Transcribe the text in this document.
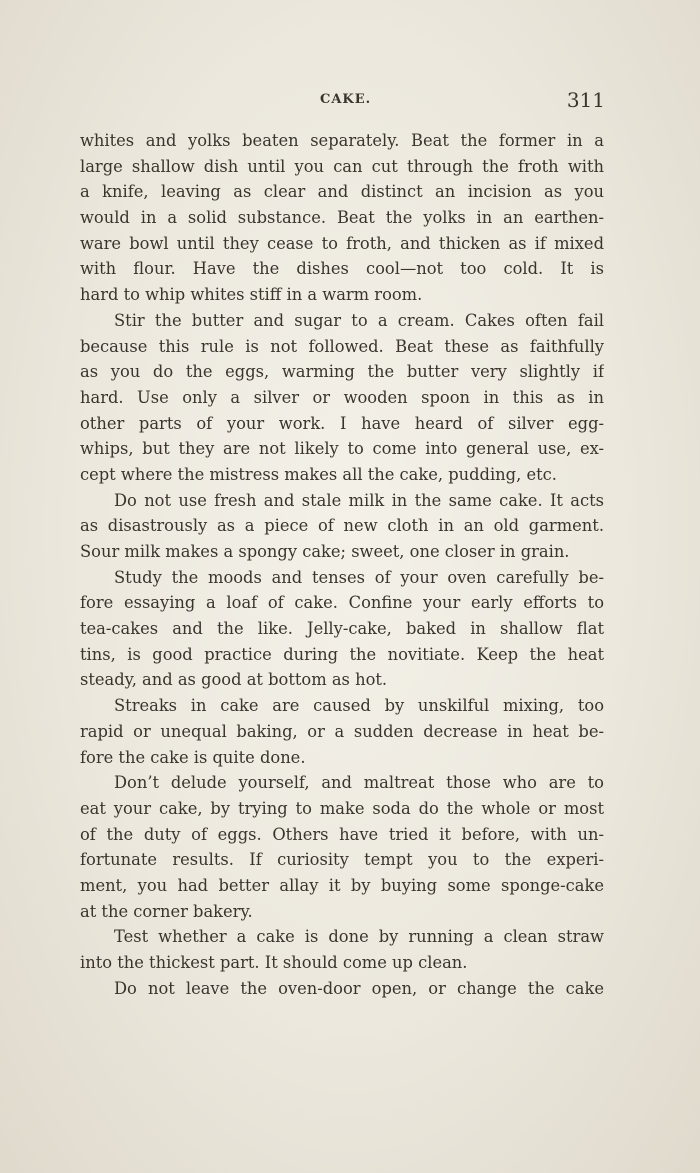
CAKE.	311
whites and yolks beaten separately. Beat the former in a
large shallow dish until you can cut through the froth with
a knife, leaving as clear and distinct an incision as you
would in a solid substance. Beat the yolks in an earthen-
ware bowl until they cease to froth, and thicken as if mixed
with flour. Have the dishes cool—not too cold. It is
hard to whip whites stiff in a warm room.
Stir the butter and sugar to a cream. Cakes often fail
because this rule is not followed. Beat these as faithfully
as you do the eggs, warming the butter very slightly if
hard. Use only a silver or wooden spoon in this as in
other parts of your work. I have heard of silver egg-
whips, but they are not likely to come into general use, ex-
cept where the mistress makes all the cake, pudding, etc.
Do not use fresh and stale milk in the same cake. It acts
as disastrously as a piece of new cloth in an old garment.
Sour milk makes a spongy cake; sweet, one closer in grain.
Study the moods and tenses of your oven carefully be-
fore essaying a loaf of cake. Confine your early efforts to
tea-cakes and the like. Jelly-cake, baked in shallow flat
tins, is good practice during the novitiate. Keep the heat
steady, and as good at bottom as hot.
Streaks in cake are caused by unskilful mixing, too
rapid or unequal baking, or a sudden decrease in heat be-
fore the cake is quite done.
Don’t delude yourself, and maltreat those who are to
eat your cake, by trying to make soda do the whole or most
of the duty of eggs. Others have tried it before, with un-
fortunate results. If curiosity tempt you to the experi-
ment, you had better allay it by buying some sponge-cake
at the corner bakery.
Test whether a cake is done by running a clean straw
into the thickest part. It should come up clean.
Do not leave the oven-door open, or change the cake
